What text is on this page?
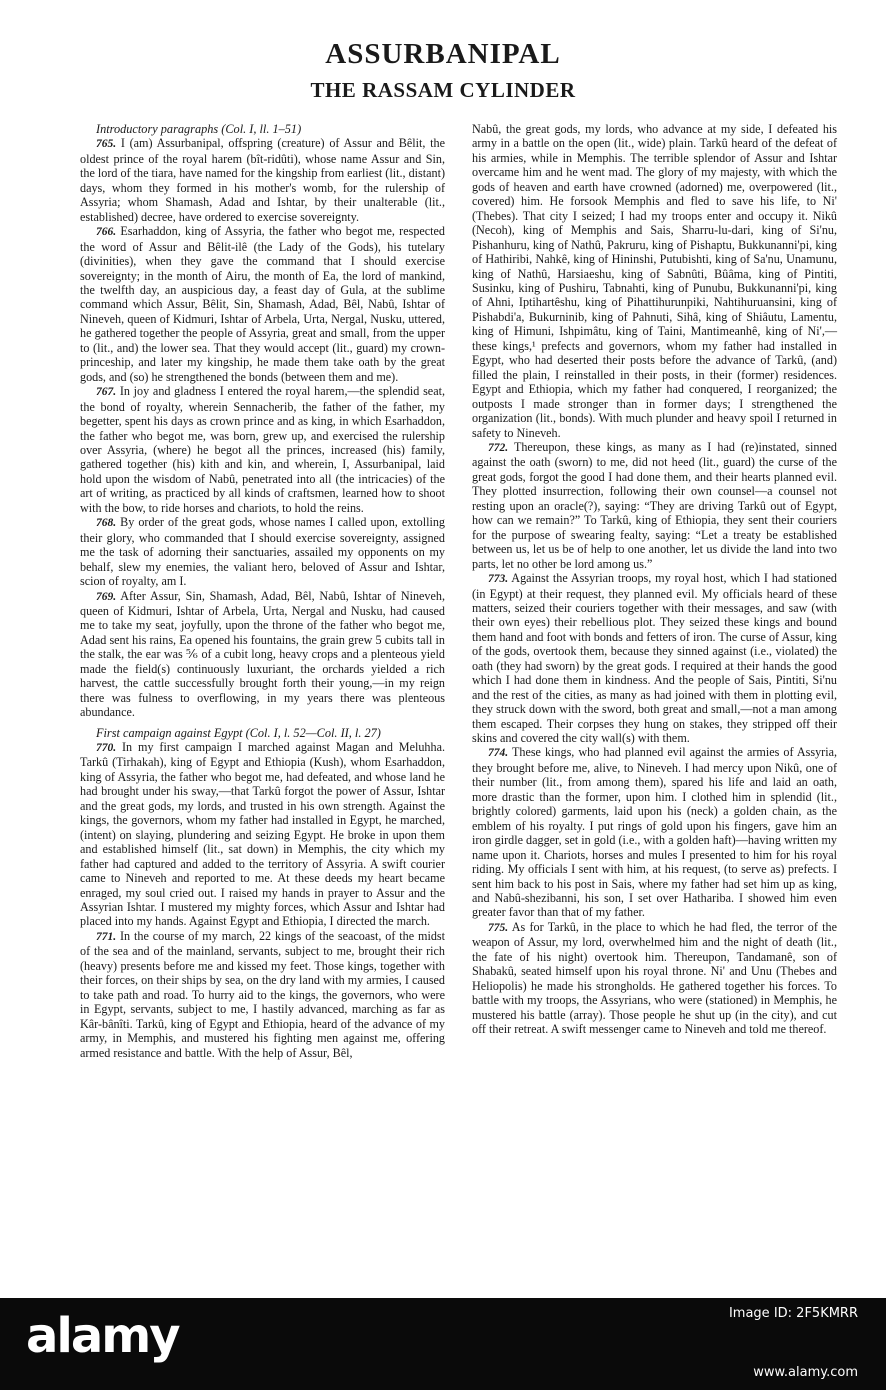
ASSURBANIPAL
THE RASSAM CYLINDER

Introductory paragraphs (Col. I, ll. 1–51)

765. I (am) Assurbanipal, offspring (creature) of Assur and Bêlit, the oldest prince of the royal harem (bît-ridûti), whose name Assur and Sin, the lord of the tiara, have named for the kingship from earliest (lit., distant) days, whom they formed in his mother's womb, for the rulership of Assyria; whom Shamash, Adad and Ishtar, by their unalterable (lit., established) decree, have ordered to exercise sovereignty.

766. Esarhaddon, king of Assyria, the father who begot me, respected the word of Assur and Bêlit-ilê (the Lady of the Gods), his tutelary (divinities), when they gave the command that I should exercise sovereignty; in the month of Airu, the month of Ea, the lord of mankind, the twelfth day, an auspicious day, a feast day of Gula, at the sublime command which Assur, Bêlit, Sin, Shamash, Adad, Bêl, Nabû, Ishtar of Nineveh, queen of Kidmuri, Ishtar of Arbela, Urta, Nergal, Nusku, uttered, he gathered together the people of Assyria, great and small, from the upper to (lit., and) the lower sea. That they would accept (lit., guard) my crown-princeship, and later my kingship, he made them take oath by the great gods, and (so) he strengthened the bonds (between them and me).

767. In joy and gladness I entered the royal harem,—the splendid seat, the bond of royalty, wherein Sennacherib, the father of the father, my begetter, spent his days as crown prince and as king, in which Esarhaddon, the father who begot me, was born, grew up, and exercised the rulership over Assyria, (where) he begot all the princes, increased (his) family, gathered together (his) kith and kin, and wherein, I, Assurbanipal, laid hold upon the wisdom of Nabû, penetrated into all (the intricacies) of the art of writing, as practiced by all kinds of craftsmen, learned how to shoot with the bow, to ride horses and chariots, to hold the reins.

768. By order of the great gods, whose names I called upon, extolling their glory, who commanded that I should exercise sovereignty, assigned me the task of adorning their sanctuaries, assailed my opponents on my behalf, slew my enemies, the valiant hero, beloved of Assur and Ishtar, scion of royalty, am I.

769. After Assur, Sin, Shamash, Adad, Bêl, Nabû, Ishtar of Nineveh, queen of Kidmuri, Ishtar of Arbela, Urta, Nergal and Nusku, had caused me to take my seat, joyfully, upon the throne of the father who begot me, Adad sent his rains, Ea opened his fountains, the grain grew 5 cubits tall in the stalk, the ear was ⅚ of a cubit long, heavy crops and a plenteous yield made the field(s) continuously luxuriant, the orchards yielded a rich harvest, the cattle successfully brought forth their young,—in my reign there was fulness to overflowing, in my years there was plenteous abundance.

First campaign against Egypt (Col. I, l. 52—Col. II, l. 27)

770. In my first campaign I marched against Magan and Meluhha. Tarkû (Tirhakah), king of Egypt and Ethiopia (Kush), whom Esarhaddon, king of Assyria, the father who begot me, had defeated, and whose land he had brought under his sway,—that Tarkû forgot the power of Assur, Ishtar and the great gods, my lords, and trusted in his own strength. Against the kings, the governors, whom my father had installed in Egypt, he marched, (intent) on slaying, plundering and seizing Egypt. He broke in upon them and established himself (lit., sat down) in Memphis, the city which my father had captured and added to the territory of Assyria. A swift courier came to Nineveh and reported to me. At these deeds my heart became enraged, my soul cried out. I raised my hands in prayer to Assur and the Assyrian Ishtar. I mustered my mighty forces, which Assur and Ishtar had placed into my hands. Against Egypt and Ethiopia, I directed the march.

771. In the course of my march, 22 kings of the seacoast, of the midst of the sea and of the mainland, servants, subject to me, brought their rich (heavy) presents before me and kissed my feet. Those kings, together with their forces, on their ships by sea, on the dry land with my armies, I caused to take path and road. To hurry aid to the kings, the governors, who were in Egypt, servants, subject to me, I hastily advanced, marching as far as Kâr-bânîti. Tarkû, king of Egypt and Ethiopia, heard of the advance of my army, in Memphis, and mustered his fighting men against me, offering armed resistance and battle. With the help of Assur, Bêl,

Nabû, the great gods, my lords, who advance at my side, I defeated his army in a battle on the open (lit., wide) plain. Tarkû heard of the defeat of his armies, while in Memphis. The terrible splendor of Assur and Ishtar overcame him and he went mad. The glory of my majesty, with which the gods of heaven and earth have crowned (adorned) me, overpowered (lit., covered) him. He forsook Memphis and fled to save his life, to Ni' (Thebes). That city I seized; I had my troops enter and occupy it. Nikû (Necoh), king of Memphis and Sais, Sharru-lu-dari, king of Si'nu, Pishanhuru, king of Nathû, Pakruru, king of Pishaptu, Bukkunanni'pi, king of Hathiribi, Nahkê, king of Hininshi, Putubishti, king of Sa'nu, Unamunu, king of Nathû, Harsiaeshu, king of Sabnûti, Bûâma, king of Pintiti, Susinku, king of Pushiru, Tabnahti, king of Punubu, Bukkunanni'pi, king of Ahni, Iptihartêshu, king of Pihattihurunpiki, Nahtihuruansini, king of Pishabdi'a, Bukurninib, king of Pahnuti, Sihâ, king of Shiâutu, Lamentu, king of Himuni, Ishpimâtu, king of Taini, Mantimeanhê, king of Ni',—these kings,¹ prefects and governors, whom my father had installed in Egypt, who had deserted their posts before the advance of Tarkû, (and) filled the plain, I reinstalled in their posts, in their (former) residences. Egypt and Ethiopia, which my father had conquered, I reorganized; the outposts I made stronger than in former days; I strengthened the organization (lit., bonds). With much plunder and heavy spoil I returned in safety to Nineveh.

772. Thereupon, these kings, as many as I had (re)instated, sinned against the oath (sworn) to me, did not heed (lit., guard) the curse of the great gods, forgot the good I had done them, and their hearts planned evil. They plotted insurrection, following their own counsel—a counsel not resting upon an oracle(?), saying: “They are driving Tarkû out of Egypt, how can we remain?” To Tarkû, king of Ethiopia, they sent their couriers for the purpose of swearing fealty, saying: “Let a treaty be established between us, let us be of help to one another, let us divide the land into two parts, let no other be lord among us.”

773. Against the Assyrian troops, my royal host, which I had stationed (in Egypt) at their request, they planned evil. My officials heard of these matters, seized their couriers together with their messages, and saw (with their own eyes) their rebellious plot. They seized these kings and bound them hand and foot with bonds and fetters of iron. The curse of Assur, king of the gods, overtook them, because they sinned against (i.e., violated) the oath (they had sworn) by the great gods. I required at their hands the good which I had done them in kindness. And the people of Sais, Pintiti, Si'nu and the rest of the cities, as many as had joined with them in plotting evil, they struck down with the sword, both great and small,—not a man among them escaped. Their corpses they hung on stakes, they stripped off their skins and covered the city wall(s) with them.

774. These kings, who had planned evil against the armies of Assyria, they brought before me, alive, to Nineveh. I had mercy upon Nikû, one of their number (lit., from among them), spared his life and laid an oath, more drastic than the former, upon him. I clothed him in splendid (lit., brightly colored) garments, laid upon his (neck) a golden chain, as the emblem of his royalty. I put rings of gold upon his fingers, gave him an iron girdle dagger, set in gold (i.e., with a golden haft)—having written my name upon it. Chariots, horses and mules I presented to him for his royal riding. My officials I sent with him, at his request, (to serve as) prefects. I sent him back to his post in Sais, where my father had set him up as king, and Nabû-shezibanni, his son, I set over Hathariba. I showed him even greater favor than that of my father.

775. As for Tarkû, in the place to which he had fled, the terror of the weapon of Assur, my lord, overwhelmed him and the night of death (lit., the fate of his night) overtook him. Thereupon, Tandamanê, son of Shabakû, seated himself upon his royal throne. Ni' and Unu (Thebes and Heliopolis) he made his strongholds. He gathered together his forces. To battle with my troops, the Assyrians, who were (stationed) in Memphis, he mustered his battle (array). Those people he shut up (in the city), and cut off their retreat. A swift messenger came to Nineveh and told me thereof.

alamy	Image ID: 2F5KMRR
www.alamy.com
